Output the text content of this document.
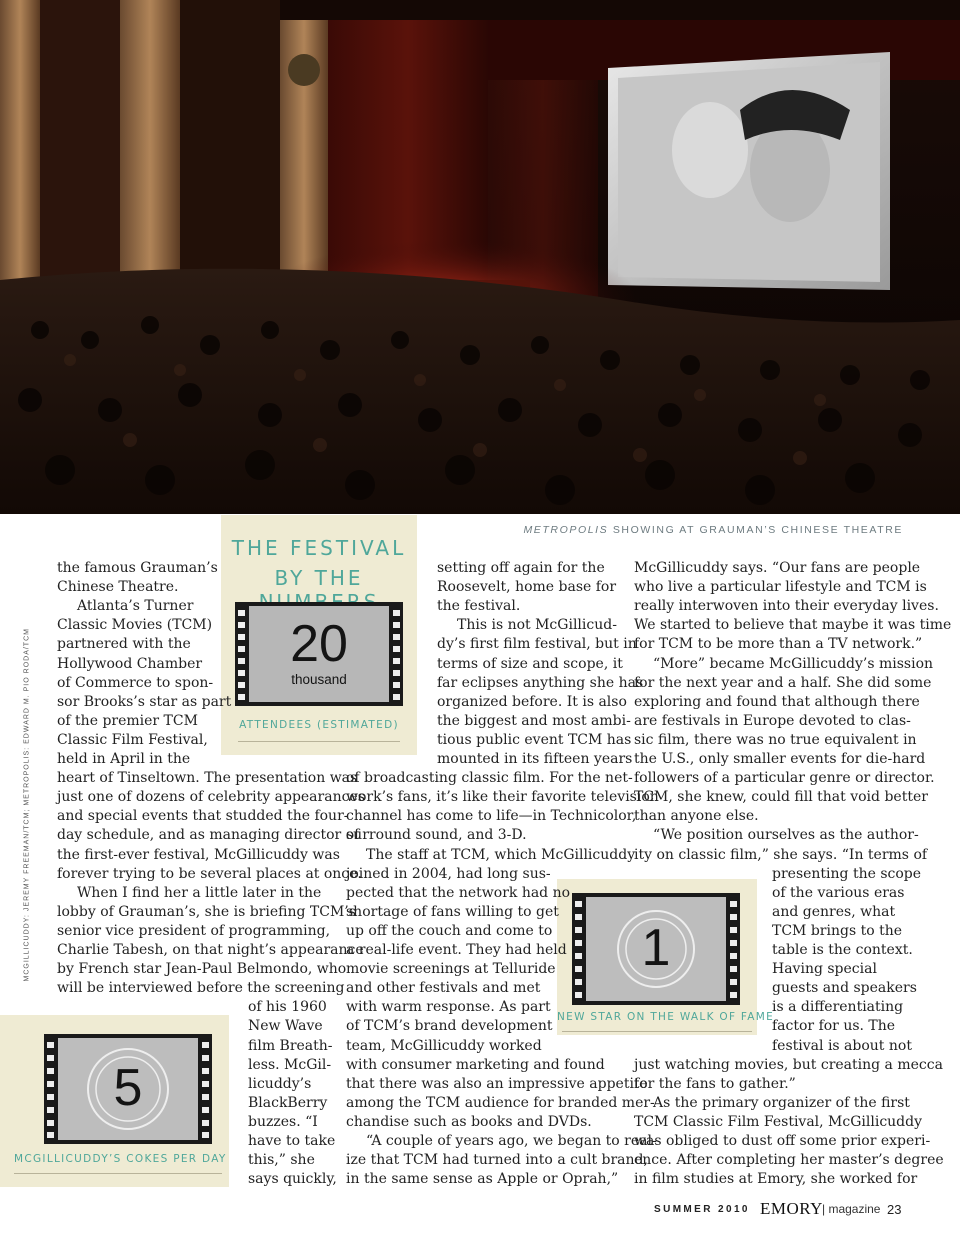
METROPOLIS SHOWING AT GRAUMAN’S CHINESE THEATRE
MCGILLICUDDY: JEREMY FREEMAN/TCM; METROPOLIS: EDWARD M. PIO RODA/TCM
THE FESTIVAL
BY THE
20
thousand
ATTENDEES (ESTIMATED)
1
NEW STAR ON THE WALK OF FAME
5
MCGILLICUDDY’S COKES PER DAY
the famous Grauman’s
Chinese Theatre.
Atlanta’s Turner
Classic Movies (TCM)
partnered with the
Hollywood Chamber
of Commerce to spon-
sor Brooks’s star as part
of the premier TCM
Classic Film Festival,
held in April in the
heart of Tinseltown. The presentation was
just one of dozens of celebrity appearances
and special events that studded the four-
day schedule, and as managing director of
the first-ever festival, McGillicuddy was
forever trying to be several places at once.
When I find her a little later in the
lobby of Grauman’s, she is briefing TCM’s
senior vice president of programming,
Charlie Tabesh, on that night’s appearance
by French star Jean-Paul Belmondo, who
will be interviewed before the screening
of his 1960
New Wave
film Breath-
less. McGil-
licuddy’s
BlackBerry
buzzes. “I
have to take
this,” she
says quickly,
setting off again for the
Roosevelt, home base for
the festival.
This is not McGillicud-
dy’s first film festival, but in
terms of size and scope, it
far eclipses anything she has
organized before. It is also
the biggest and most ambi-
tious public event TCM has
mounted in its fifteen years
of broadcasting classic film. For the net-
work’s fans, it’s like their favorite television
channel has come to life—in Technicolor,
surround sound, and 3-D.
The staff at TCM, which McGillicuddy
joined in 2004, had long sus-
pected that the network had no
shortage of fans willing to get
up off the couch and come to
a real-life event. They had held
movie screenings at Telluride
and other festivals and met
with warm response. As part
of TCM’s brand development
team, McGillicuddy worked
with consumer marketing and found
that there was also an impressive appetite
among the TCM audience for branded mer-
chandise such as books and DVDs.
“A couple of years ago, we began to real-
ize that TCM had turned into a cult brand,
in the same sense as Apple or Oprah,”
McGillicuddy says. “Our fans are people
who live a particular lifestyle and TCM is
really interwoven into their everyday lives.
We started to believe that maybe it was time
for TCM to be more than a TV network.”
“More” became McGillicuddy’s mission
for the next year and a half. She did some
exploring and found that although there
are festivals in Europe devoted to clas-
sic film, there was no true equivalent in
the U.S., only smaller events for die-hard
followers of a particular genre or director.
TCM, she knew, could fill that void better
than anyone else.
“We position ourselves as the author-
ity on classic film,” she says. “In terms of
presenting the scope
of the various eras
and genres, what
TCM brings to the
table is the context.
Having special
guests and speakers
is a differentiating
factor for us. The
festival is about not
just watching movies, but creating a mecca
for the fans to gather.”
As the primary organizer of the first
TCM Classic Film Festival, McGillicuddy
was obliged to dust off some prior experi-
ence. After completing her master’s degree
in film studies at Emory, she worked for
SUMMER 2010 EMORY | magazine 23
